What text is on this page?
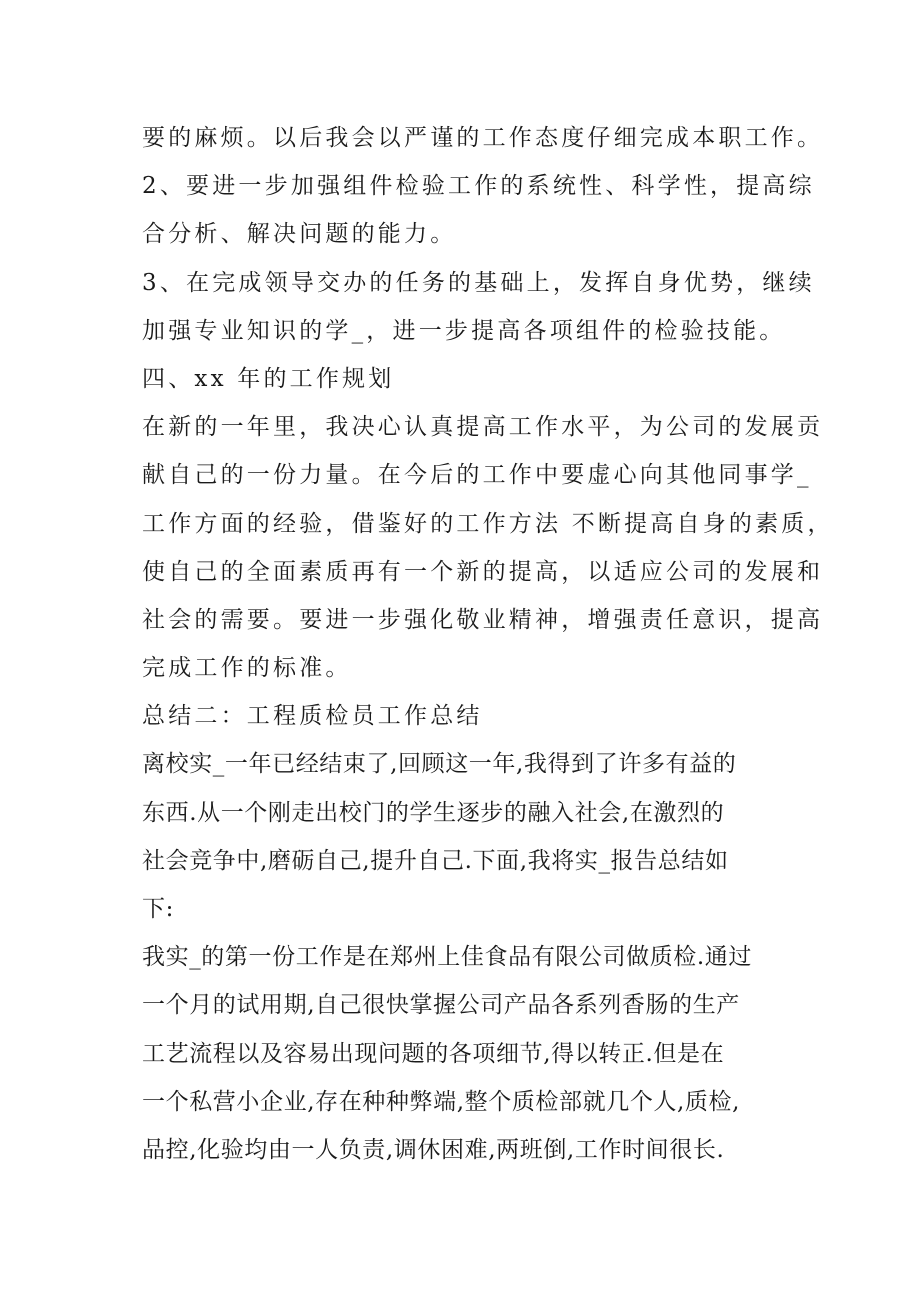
要的麻烦。以后我会以严谨的工作态度仔细完成本职工作。
2、要进一步加强组件检验工作的系统性、科学性，提高综
合分析、解决问题的能力。
3、在完成领导交办的任务的基础上，发挥自身优势，继续
加强专业知识的学_，进一步提高各项组件的检验技能。
四、xx 年的工作规划
在新的一年里，我决心认真提高工作水平，为公司的发展贡
献自己的一份力量。在今后的工作中要虚心向其他同事学_
工作方面的经验，借鉴好的工作方法 不断提高自身的素质，
使自己的全面素质再有一个新的提高，以适应公司的发展和
社会的需要。要进一步强化敬业精神，增强责任意识，提高
完成工作的标准。
总结二：工程质检员工作总结
离校实_一年已经结束了,回顾这一年,我得到了许多有益的
东西.从一个刚走出校门的学生逐步的融入社会,在激烈的
社会竞争中,磨砺自己,提升自己.下面,我将实_报告总结如
下:
我实_的第一份工作是在郑州上佳食品有限公司做质检.通过
一个月的试用期,自己很快掌握公司产品各系列香肠的生产
工艺流程以及容易出现问题的各项细节,得以转正.但是在
一个私营小企业,存在种种弊端,整个质检部就几个人,质检,
品控,化验均由一人负责,调休困难,两班倒,工作时间很长.
